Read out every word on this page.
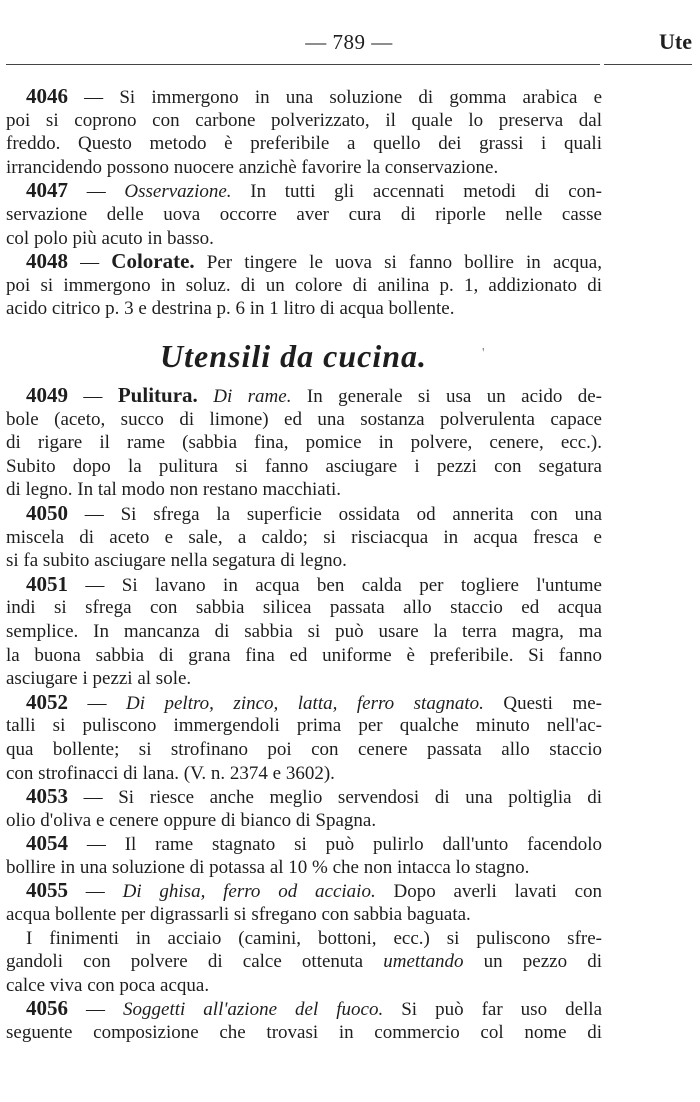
— 789 —	Ute
4046 — Si immergono in una soluzione di gomma arabica e
poi si coprono con carbone polverizzato, il quale lo preserva dal
freddo. Questo metodo è preferibile a quello dei grassi i quali
irrancidendo possono nuocere anzichè favorire la conservazione.
4047 — Osservazione. In tutti gli accennati metodi di con-
servazione delle uova occorre aver cura di riporle nelle casse
col polo più acuto in basso.
4048 — Colorate. Per tingere le uova si fanno bollire in acqua,
poi si immergono in soluz. di un colore di anilina p. 1, addizionato di
acido citrico p. 3 e destrina p. 6 in 1 litro di acqua bollente.
Utensili da cucina.	'
4049 — Pulitura. Di rame. In generale si usa un acido de-
bole (aceto, succo di limone) ed una sostanza polverulenta capace
di rigare il rame (sabbia fina, pomice in polvere, cenere, ecc.).
Subito dopo la pulitura si fanno asciugare i pezzi con segatura
di legno. In tal modo non restano macchiati.
4050 — Si sfrega la superficie ossidata od annerita con una
miscela di aceto e sale, a caldo; si risciacqua in acqua fresca e
si fa subito asciugare nella segatura di legno.
4051 — Si lavano in acqua ben calda per togliere l'untume
indi si sfrega con sabbia silicea passata allo staccio ed acqua
semplice. In mancanza di sabbia si può usare la terra magra, ma
la buona sabbia di grana fina ed uniforme è preferibile. Si fanno
asciugare i pezzi al sole.
4052 — Di peltro, zinco, latta, ferro stagnato. Questi me-
talli si puliscono immergendoli prima per qualche minuto nell'ac-
qua bollente; si strofinano poi con cenere passata allo staccio
con strofinacci di lana. (V. n. 2374 e 3602).
4053 — Si riesce anche meglio servendosi di una poltiglia di
olio d'oliva e cenere oppure di bianco di Spagna.
4054 — Il rame stagnato si può pulirlo dall'unto facendolo
bollire in una soluzione di potassa al 10 % che non intacca lo stagno.
4055 — Di ghisa, ferro od acciaio. Dopo averli lavati con
acqua bollente per digrassarli si sfregano con sabbia baguata.
I finimenti in acciaio (camini, bottoni, ecc.) si puliscono sfre-
gandoli con polvere di calce ottenuta umettando un pezzo di
calce viva con poca acqua.
4056 — Soggetti all'azione del fuoco. Si può far uso della
seguente composizione che trovasi in commercio col nome di
